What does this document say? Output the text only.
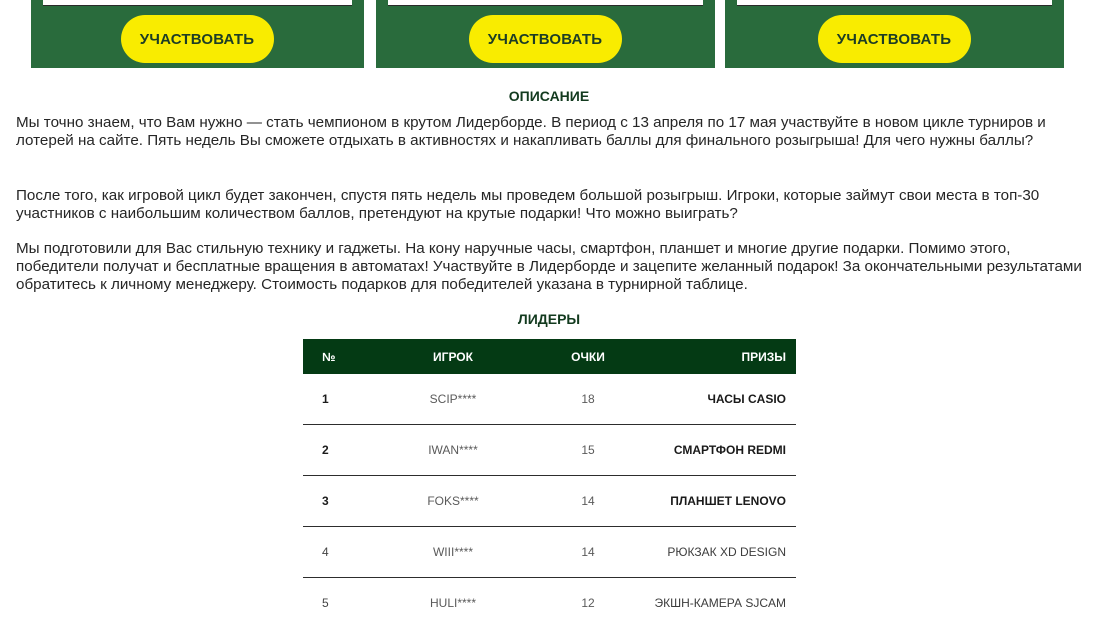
УЧАСТВОВАТЬ	УЧАСТВОВАТЬ	УЧАСТВОВАТЬ
ОПИСАНИЕ

Мы точно знаем, что Вам нужно — стать чемпионом в крутом Лидерборде. В период с 13 апреля по 17 мая участвуйте в новом цикле турниров и лотерей на сайте. Пять недель Вы сможете отдыхать в активностях и накапливать баллы для финального розыгрыша! Для чего нужны баллы?

После того, как игровой цикл будет закончен, спустя пять недель мы проведем большой розыгрыш. Игроки, которые займут свои места в топ-30 участников с наибольшим количеством баллов, претендуют на крутые подарки! Что можно выиграть?

Мы подготовили для Вас стильную технику и гаджеты. На кону наручные часы, смартфон, планшет и многие другие подарки. Помимо этого, победители получат и бесплатные вращения в автоматах! Участвуйте в Лидерборде и зацепите желанный подарок! За окончательными результатами обратитесь к личному менеджеру. Стоимость подарков для победителей указана в турнирной таблице.

ЛИДЕРЫ
№	ИГРОК	ОЧКИ	ПРИЗЫ
1	SCIP****	18	ЧАСЫ CASIO
2	IWAN****	15	СМАРТФОН REDMI
3	FOKS****	14	ПЛАНШЕТ LENOVO
4	WIII****	14	РЮКЗАК XD DESIGN
5	HULI****	12	ЭКШН-КАМЕРА SJCAM
